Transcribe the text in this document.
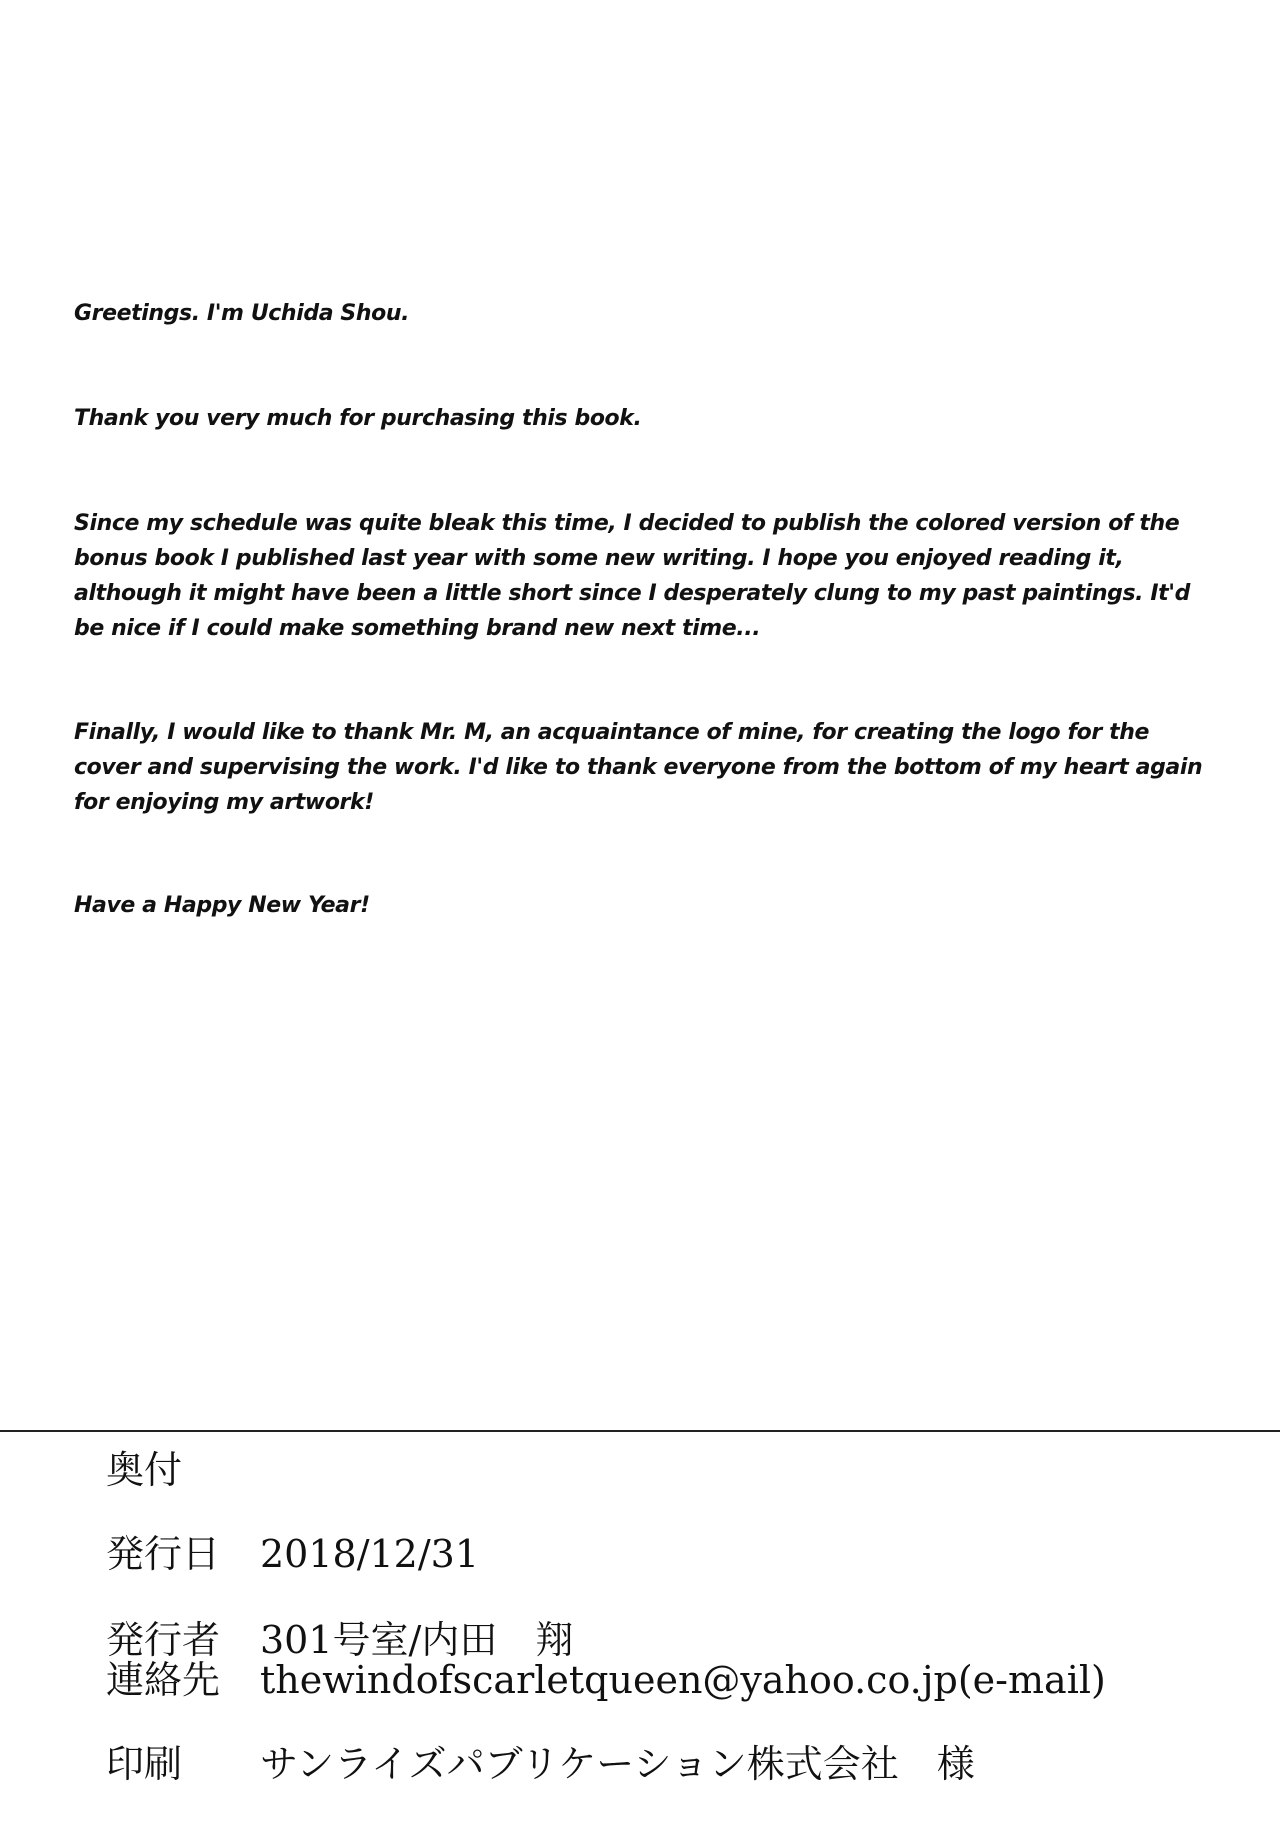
Greetings. I'm Uchida Shou.

Thank you very much for purchasing this book.

Since my schedule was quite bleak this time, I decided to publish the colored version of the bonus book I published last year with some new writing. I hope you enjoyed reading it, although it might have been a little short since I desperately clung to my past paintings. It'd be nice if I could make something brand new next time...

Finally, I would like to thank Mr. M, an acquaintance of mine, for creating the logo for the cover and supervising the work. I'd like to thank everyone from the bottom of my heart again for enjoying my artwork!

Have a Happy New Year!

奥付
発行日 2018/12/31
発行者 301号室/内田　翔
連絡先 thewindofscarletqueen@yahoo.co.jp(e-mail)
印刷 サンライズパブリケーション株式会社　様
